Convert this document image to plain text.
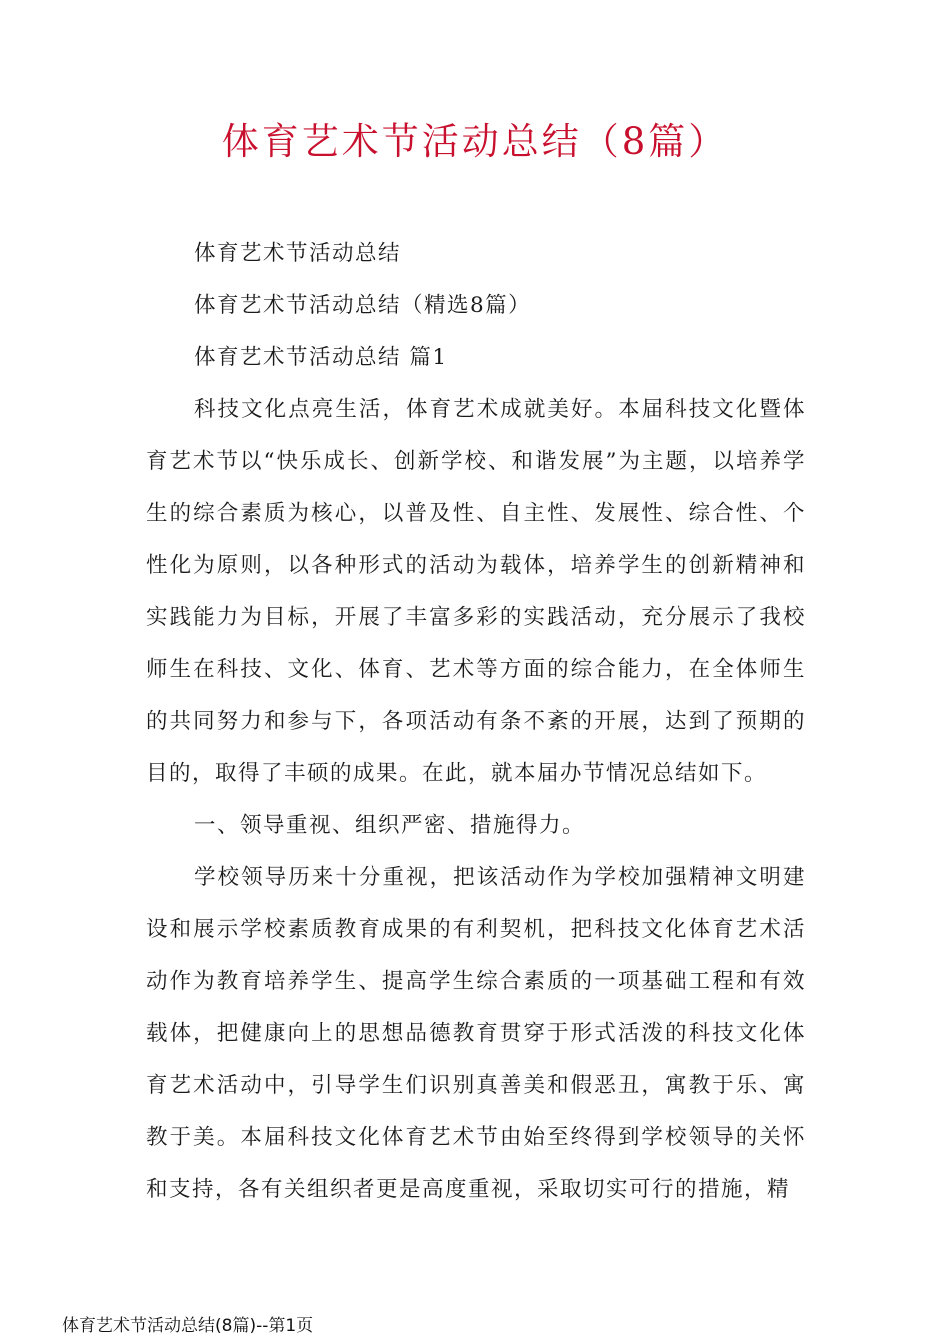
体育艺术节活动总结（8篇）

体育艺术节活动总结

体育艺术节活动总结（精选8篇）

体育艺术节活动总结 篇1

科技文化点亮生活，体育艺术成就美好。本届科技文化暨体育艺术节以“快乐成长、创新学校、和谐发展”为主题，以培养学生的综合素质为核心，以普及性、自主性、发展性、综合性、个性化为原则，以各种形式的活动为载体，培养学生的创新精神和实践能力为目标，开展了丰富多彩的实践活动，充分展示了我校师生在科技、文化、体育、艺术等方面的综合能力，在全体师生的共同努力和参与下，各项活动有条不紊的开展，达到了预期的目的，取得了丰硕的成果。在此，就本届办节情况总结如下。

一、领导重视、组织严密、措施得力。

学校领导历来十分重视，把该活动作为学校加强精神文明建设和展示学校素质教育成果的有利契机，把科技文化体育艺术活动作为教育培养学生、提高学生综合素质的一项基础工程和有效载体，把健康向上的思想品德教育贯穿于形式活泼的科技文化体育艺术活动中，引导学生们识别真善美和假恶丑，寓教于乐、寓教于美。本届科技文化体育艺术节由始至终得到学校领导的关怀和支持，各有关组织者更是高度重视，采取切实可行的措施，精

体育艺术节活动总结(8篇)--第1页
